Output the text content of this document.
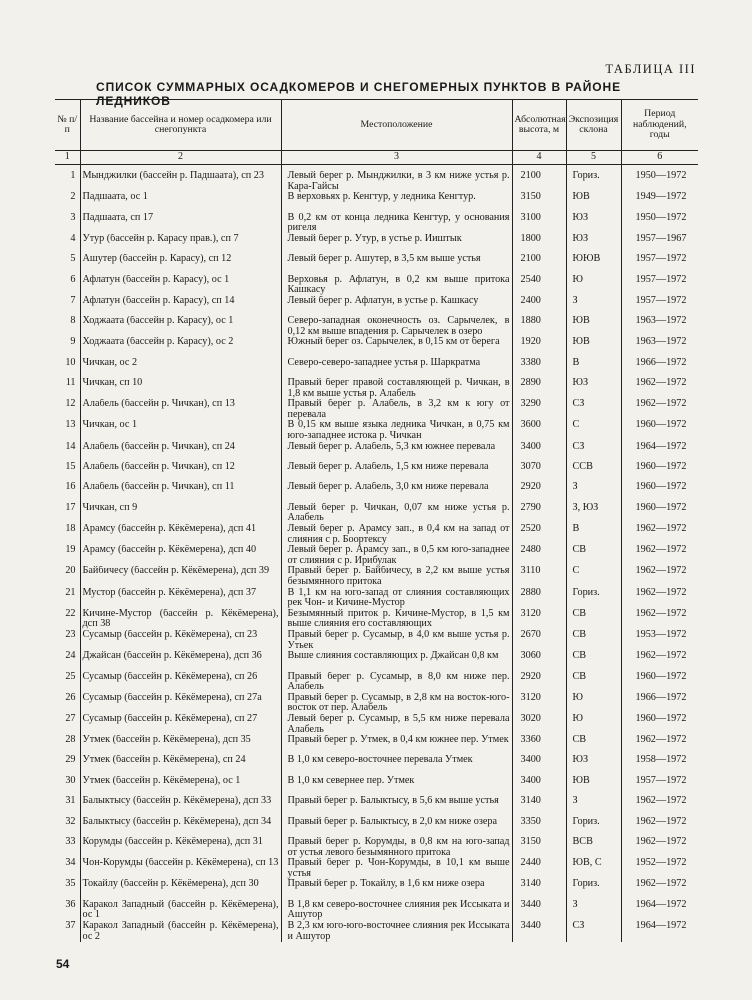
ТАБЛИЦА III
СПИСОК СУММАРНЫХ ОСАДКОМЕРОВ И СНЕГОМЕРНЫХ ПУНКТОВ В РАЙОНЕ ЛЕДНИКОВ
№ п/п	Название бассейна и номер осадкомера или снегопункта	Местоположение	Абсолютная высота, м	Экспозиция склона	Период наблюдений, годы
1	2	3	4	5	6

1	Мынджилки (бассейн р. Падшаата), сп 23	Левый берег р. Мынджилки, в 3 км ниже устья р. Кара-Гайсы	2100	Гориз.	1950—1972
2	Падшаата, ос 1	В верховьях р. Кенгтур, у ледника Кенгтур.	3150	ЮВ	1949—1972
3	Падшаата, сп 17	В 0,2 км от конца ледника Кенгтур, у основания ригеля	3100	ЮЗ	1950—1972
4	Утур (бассейн р. Карасу прав.), сп 7	Левый берег р. Утур, в устье р. Ииштык	1800	ЮЗ	1957—1967
5	Ашутер (бассейн р. Карасу), сп 12	Левый берег р. Ашутер, в 3,5 км выше устья	2100	ЮЮВ	1957—1972
6	Афлатун (бассейн р. Карасу), ос 1	Верховья р. Афлатун, в 0,2 км выше притока Кашкасу	2540	Ю	1957—1972
7	Афлатун (бассейн р. Карасу), сп 14	Левый берег р. Афлатун, в устье р. Кашкасу	2400	З	1957—1972
8	Ходжаата (бассейн р. Карасу), ос 1	Северо-западная оконечность оз. Сарычелек, в 0,12 км выше впадения р. Сарычелек в озеро	1880	ЮВ	1963—1972
9	Ходжаата (бассейн р. Карасу), ос 2	Южный берег оз. Сарычелек, в 0,15 км от берега	1920	ЮВ	1963—1972
10	Чичкан, ос 2	Северо-северо-западнее устья р. Шаркратма	3380	В	1966—1972
11	Чичкан, сп 10	Правый берег правой составляющей р. Чичкан, в 1,8 км выше устья р. Алабель	2890	ЮЗ	1962—1972
12	Алабель (бассейн р. Чичкан), сп 13	Правый берег р. Алабель, в 3,2 км к югу от перевала	3290	СЗ	1962—1972
13	Чичкан, ос 1	В 0,15 км выше языка ледника Чичкан, в 0,75 км юго-западнее истока р. Чичкан	3600	С	1960—1972
14	Алабель (бассейн р. Чичкан), сп 24	Левый берег р. Алабель, 5,3 км южнее перевала	3400	СЗ	1964—1972
15	Алабель (бассейн р. Чичкан), сп 12	Левый берег р. Алабель, 1,5 км ниже перевала	3070	ССВ	1960—1972
16	Алабель (бассейн р. Чичкан), сп 11	Левый берег р. Алабель, 3,0 км ниже перевала	2920	З	1960—1972
17	Чичкан, сп 9	Левый берег р. Чичкан, 0,07 км ниже устья р. Алабель	2790	З, ЮЗ	1960—1972
18	Арамсу (бассейн р. Кёкёмерена), дсп 41	Левый берег р. Арамсу зап., в 0,4 км на запад от слияния с р. Боортексу	2520	В	1962—1972
19	Арамсу (бассейн р. Кёкёмерена), дсп 40	Левый берег р. Арамсу зап., в 0,5 км юго-западнее от слияния с р. Ирибулак	2480	СВ	1962—1972
20	Байбичесу (бассейн р. Кёкёмерена), дсп 39	Правый берег р. Байбичесу, в 2,2 км выше устья безымянного притока	3110	С	1962—1972
21	Мустор (бассейн р. Кёкёмерена), дсп 37	В 1,1 км на юго-запад от слияния составляющих рек Чон- и Кичине-Мустор	2880	Гориз.	1962—1972
22	Кичине-Мустор (бассейн р. Кёкёмерена), дсп 38	Безымянный приток р. Кичине-Мустор, в 1,5 км выше слияния его составляющих	3120	СВ	1962—1972
23	Сусамыр (бассейн р. Кёкёмерена), сп 23	Правый берег р. Сусамыр, в 4,0 км выше устья р. Утьек	2670	СВ	1953—1972
24	Джайсан (бассейн р. Кёкёмерена), дсп 36	Выше слияния составляющих р. Джайсан 0,8 км	3060	СВ	1962—1972
25	Сусамыр (бассейн р. Кёкёмерена), сп 26	Правый берег р. Сусамыр, в 8,0 км ниже пер. Алабель	2920	СВ	1960—1972
26	Сусамыр (бассейн р. Кёкёмерена), сп 27а	Правый берег р. Сусамыр, в 2,8 км на восток-юго-восток от пер. Алабель	3120	Ю	1966—1972
27	Сусамыр (бассейн р. Кёкёмерена), сп 27	Левый берег р. Сусамыр, в 5,5 км ниже перевала Алабель	3020	Ю	1960—1972
28	Утмек (бассейн р. Кёкёмерена), дсп 35	Правый берег р. Утмек, в 0,4 км южнее пер. Утмек	3360	СВ	1962—1972
29	Утмек (бассейн р. Кёкёмерена), сп 24	В 1,0 км северо-восточнее перевала Утмек	3400	ЮЗ	1958—1972
30	Утмек (бассейн р. Кёкёмерена), ос 1	В 1,0 км севернее пер. Утмек	3400	ЮВ	1957—1972
31	Балыктысу (бассейн р. Кёкёмерена), дсп 33	Правый берег р. Балыктысу, в 5,6 км выше устья	3140	З	1962—1972
32	Балыктысу (бассейн р. Кёкёмерена), дсп 34	Правый берег р. Балыктысу, в 2,0 км ниже озера	3350	Гориз.	1962—1972
33	Корумды (бассейн р. Кёкёмерена), дсп 31	Правый берег р. Корумды, в 0,8 км на юго-запад от устья левого безымянного притока	3150	ВСВ	1962—1972
34	Чон-Корумды (бассейн р. Кёкёмерена), сп 13	Правый берег р. Чон-Корумды, в 10,1 км выше устья	2440	ЮВ, С	1952—1972
35	Токайлу (бассейн р. Кёкёмерена), дсп 30	Правый берег р. Токайлу, в 1,6 км ниже озера	3140	Гориз.	1962—1972
36	Каракол Западный (бассейн р. Кёкёмерена), ос 1	В 1,8 км северо-восточнее слияния рек Иссыката и Ашутор	3440	З	1964—1972
37	Каракол Западный (бассейн р. Кёкёмерена), ос 2	В 2,3 км юго-юго-восточнее слияния рек Иссыката и Ашутор	3440	СЗ	1964—1972
54
